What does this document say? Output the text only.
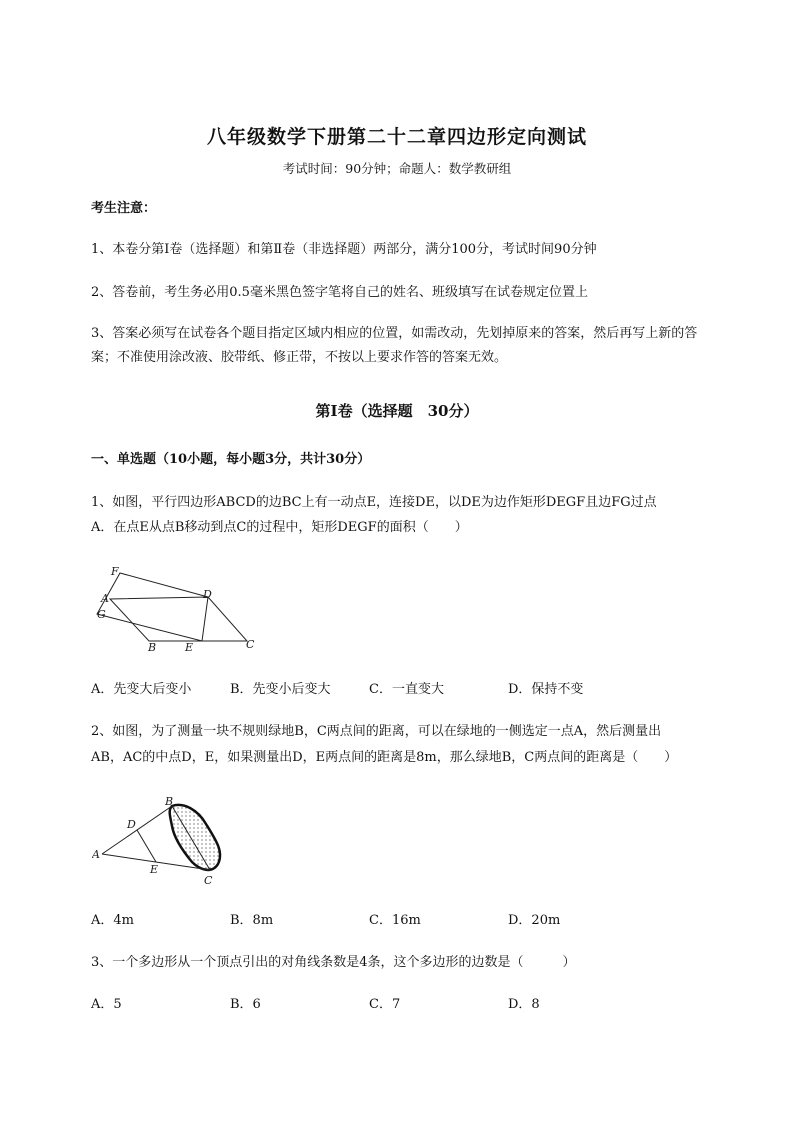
八年级数学下册第二十二章四边形定向测试
考试时间：90分钟；命题人：数学教研组
考生注意：
1、本卷分第I卷（选择题）和第Ⅱ卷（非选择题）两部分，满分100分，考试时间90分钟
2、答卷前，考生务必用0.5毫米黑色签字笔将自己的姓名、班级填写在试卷规定位置上
3、答案必须写在试卷各个题目指定区域内相应的位置，如需改动，先划掉原来的答案，然后再写上新的答案；不准使用涂改液、胶带纸、修正带，不按以上要求作答的答案无效。
第I卷（选择题　30分）
一、单选题（10小题，每小题3分，共计30分）
1、如图，平行四边形ABCD的边BC上有一动点E，连接DE，以DE为边作矩形DEGF且边FG过点
A．在点E从点B移动到点C的过程中，矩形DEGF的面积（　　）
F
A
G
D
B	E	C
A．先变大后变小	B．先变小后变大	C．一直变大	D．保持不变
2、如图，为了测量一块不规则绿地B，C两点间的距离，可以在绿地的一侧选定一点A，然后测量出
AB，AC的中点D，E，如果测量出D，E两点间的距离是8m，那么绿地B，C两点间的距离是（　　）
B
D
A
E
C
A．4m	B．8m	C．16m	D．20m
3、一个多边形从一个顶点引出的对角线条数是4条，这个多边形的边数是（　　　）
A．5	B．6	C．7	D．8
